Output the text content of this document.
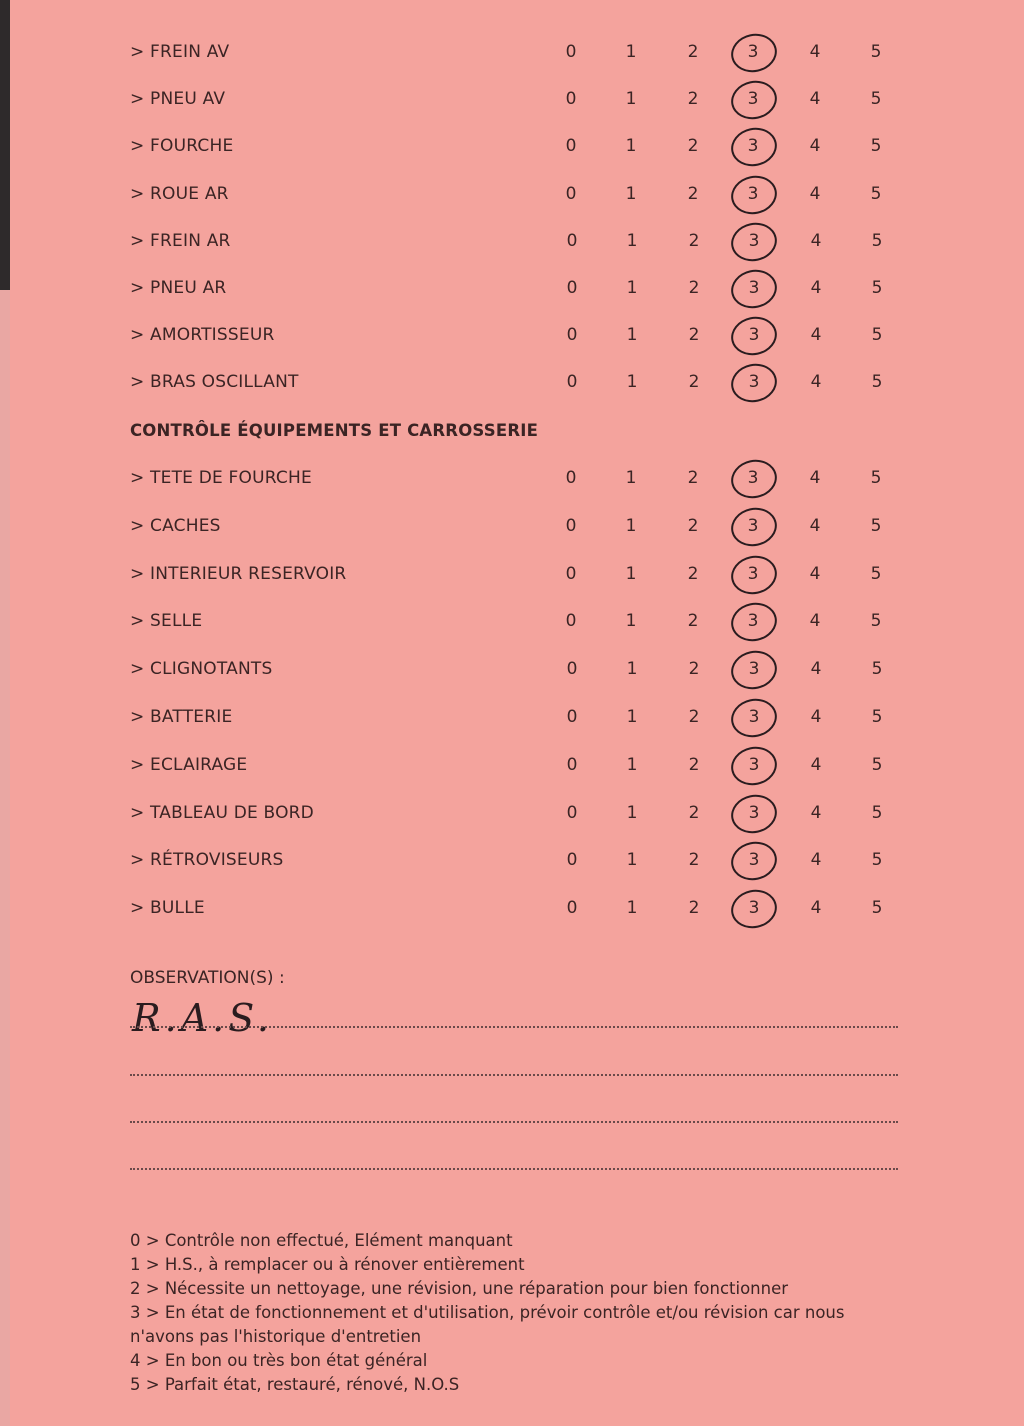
> FREIN AV	0	1	2	3	4	5
> PNEU AV	0	1	2	3	4	5
> FOURCHE	0	1	2	3	4	5
> ROUE AR	0	1	2	3	4	5
> FREIN AR	0	1	2	3	4	5
> PNEU AR	0	1	2	3	4	5
> AMORTISSEUR	0	1	2	3	4	5
> BRAS OSCILLANT	0	1	2	3	4	5
CONTRÔLE ÉQUIPEMENTS ET CARROSSERIE
> TETE DE FOURCHE	0	1	2	3	4	5
> CACHES	0	1	2	3	4	5
> INTERIEUR RESERVOIR	0	1	2	3	4	5
> SELLE	0	1	2	3	4	5
> CLIGNOTANTS	0	1	2	3	4	5
> BATTERIE	0	1	2	3	4	5
> ECLAIRAGE	0	1	2	3	4	5
> TABLEAU DE BORD	0	1	2	3	4	5
> RÉTROVISEURS	0	1	2	3	4	5
> BULLE	0	1	2	3	4	5
OBSERVATION(S) :
R.A.S.
0 > Contrôle non effectué, Elément manquant
1 > H.S., à remplacer ou à rénover entièrement
2 > Nécessite un nettoyage, une révision, une réparation pour bien fonctionner
3 > En état de fonctionnement et d'utilisation, prévoir contrôle et/ou révision car nous
n'avons pas l'historique d'entretien
4 > En bon ou très bon état général
5 > Parfait état, restauré, rénové, N.O.S
